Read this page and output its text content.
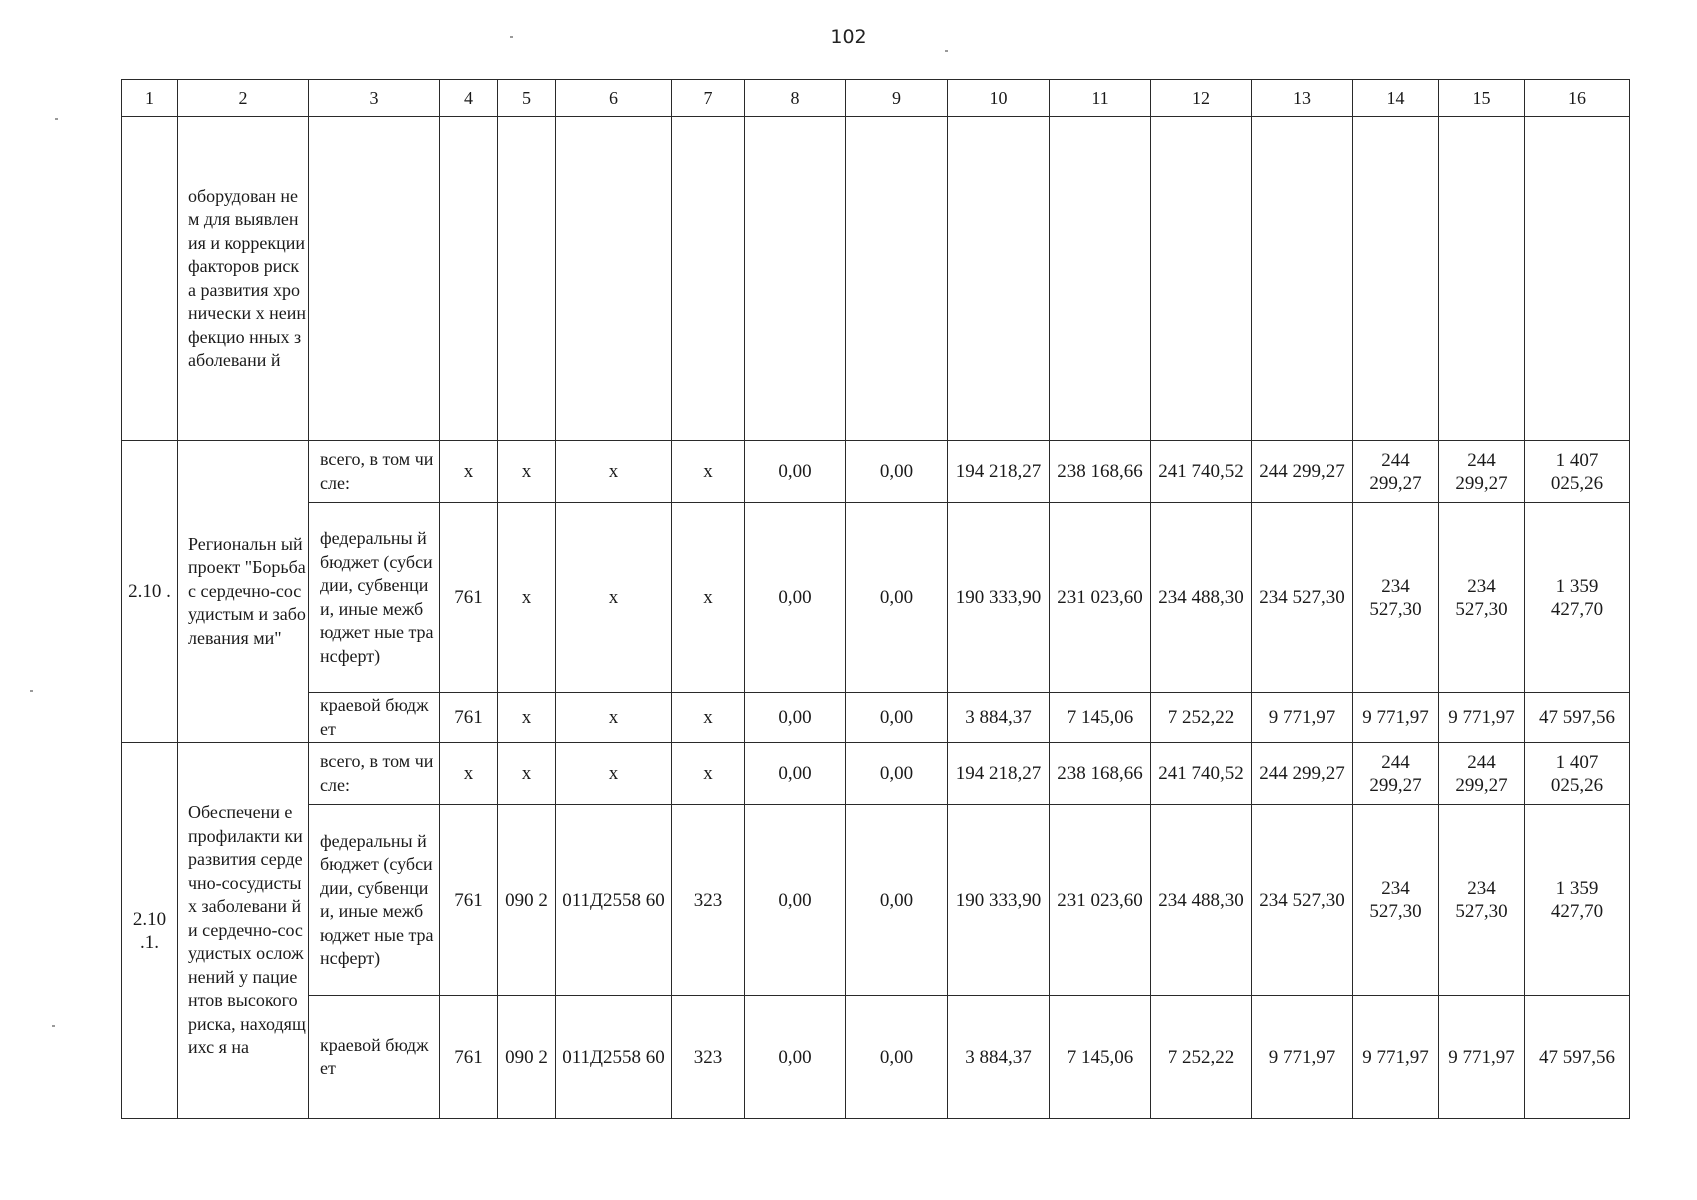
102
1	2	3	4	5	6	7	8	9	10	11	12	13	14	15	16
	оборудован нем для выявления и коррекции факторов риска развития хронически х неинфекцио нных заболевани й														
2.10 .	Региональн ый проект "Борьба с сердечно-сосудистым и заболевания ми"	всего, в том числе:	x	x	x	x	0,00	0,00	194 218,27	238 168,66	241 740,52	244 299,27	244 299,27	244 299,27	1 407 025,26
		федеральны й бюджет (субсидии, субвенции, иные межбюджет ные трансферт)	761	x	x	x	0,00	0,00	190 333,90	231 023,60	234 488,30	234 527,30	234 527,30	234 527,30	1 359 427,70
		краевой бюджет	761	x	x	x	0,00	0,00	3 884,37	7 145,06	7 252,22	9 771,97	9 771,97	9 771,97	47 597,56
2.10 .1.	Обеспечени е профилакти ки развития сердечно-сосудистых заболевани й и сердечно-сосудистых осложнений у пациентов высокого риска, находящихс я на	всего, в том числе:	x	x	x	x	0,00	0,00	194 218,27	238 168,66	241 740,52	244 299,27	244 299,27	244 299,27	1 407 025,26
		федеральны й бюджет (субсидии, субвенции, иные межбюджет ные трансферт)	761	090 2	011Д2558 60	323	0,00	0,00	190 333,90	231 023,60	234 488,30	234 527,30	234 527,30	234 527,30	1 359 427,70
		краевой бюджет	761	090 2	011Д2558 60	323	0,00	0,00	3 884,37	7 145,06	7 252,22	9 771,97	9 771,97	9 771,97	47 597,56
